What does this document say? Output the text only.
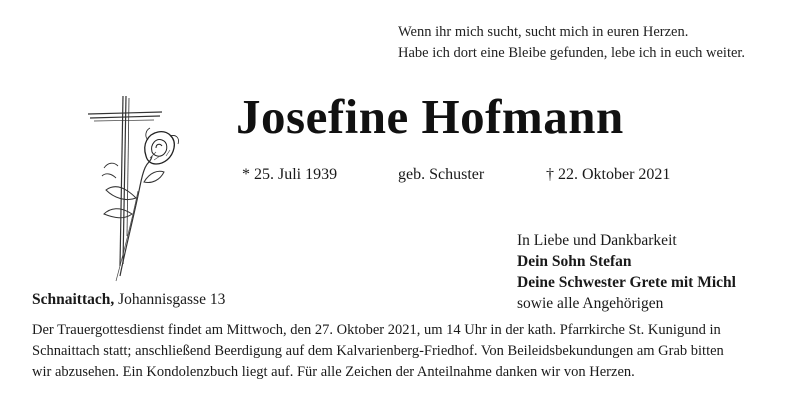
Wenn ihr mich sucht, sucht mich in euren Herzen.
Habe ich dort eine Bleibe gefunden, lebe ich in euch weiter.
Josefine Hofmann
* 25. Juli 1939	geb. Schuster	† 22. Oktober 2021
In Liebe und Dankbarkeit
Dein Sohn Stefan
Deine Schwester Grete mit Michl
sowie alle Angehörigen
Schnaittach, Johannisgasse 13
Der Trauergottesdienst findet am Mittwoch, den 27. Oktober 2021, um 14 Uhr in der kath. Pfarrkirche St. Kunigund in
Schnaittach statt; anschließend Beerdigung auf dem Kalvarienberg-Friedhof. Von Beileidsbekundungen am Grab bitten
wir abzusehen. Ein Kondolenzbuch liegt auf. Für alle Zeichen der Anteilnahme danken wir von Herzen.
